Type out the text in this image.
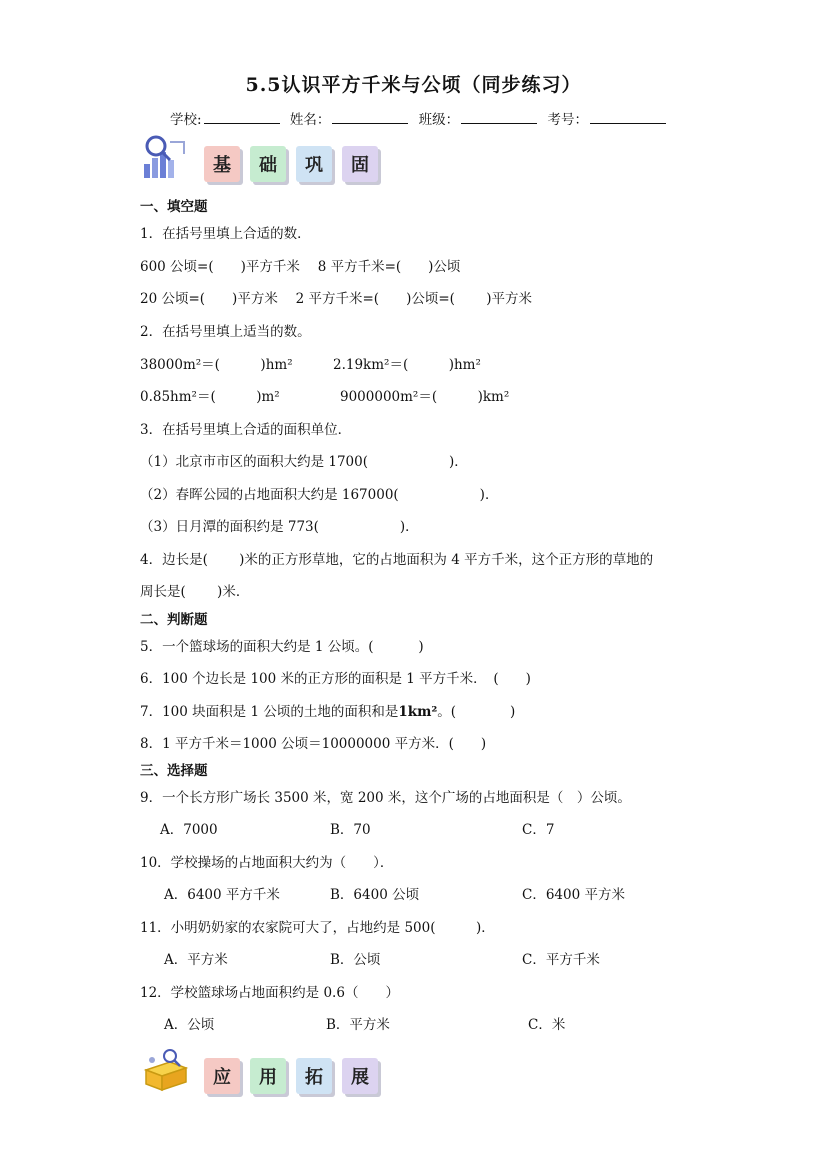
5.5认识平方千米与公顷（同步练习）
学校:	姓名：	班级：	考号：
基	础	巩	固
一、填空题
1．在括号里填上合适的数．
600 公顷=(　　)平方千米　 8 平方千米=(　　)公顷
20 公顷=(　　)平方米　 2 平方千米=(　　)公顷=(　　 )平方米
2．在括号里填上适当的数。
38000m²＝(　　　)hm²	2.19km²＝(　　　)hm²
0.85hm²＝(　　　)m²	9000000m²＝(　　　)km²
3．在括号里填上合适的面积单位．
（1）北京市市区的面积大约是 1700(　　　　　　)．
（2）春晖公园的占地面积大约是 167000(　　　　　　)．
（3）日月潭的面积约是 773(　　　　　　)．
4．边长是(　　 )米的正方形草地，它的占地面积为 4 平方千米，这个正方形的草地的
周长是(　　 )米．
二、判断题
5．一个篮球场的面积大约是 1 公顷。(　　　 )
6．100 个边长是 100 米的正方形的面积是 1 平方千米．　(　　)
7．100 块面积是 1 公顷的土地的面积和是1km²。(　　　　)
8．1 平方千米＝1000 公顷＝10000000 平方米．(　　)
三、选择题
9．一个长方形广场长 3500 米，宽 200 米，这个广场的占地面积是（　）公顷。
A．7000	B．70	C．7
10．学校操场的占地面积大约为（　　）．
A．6400 平方千米	B．6400 公顷	C．6400 平方米
11．小明奶奶家的农家院可大了，占地约是 500(　　　)．
A．平方米	B．公顷	C．平方千米
12．学校篮球场占地面积约是 0.6（　　）
A．公顷	B．平方米	C．米
应	用	拓	展
